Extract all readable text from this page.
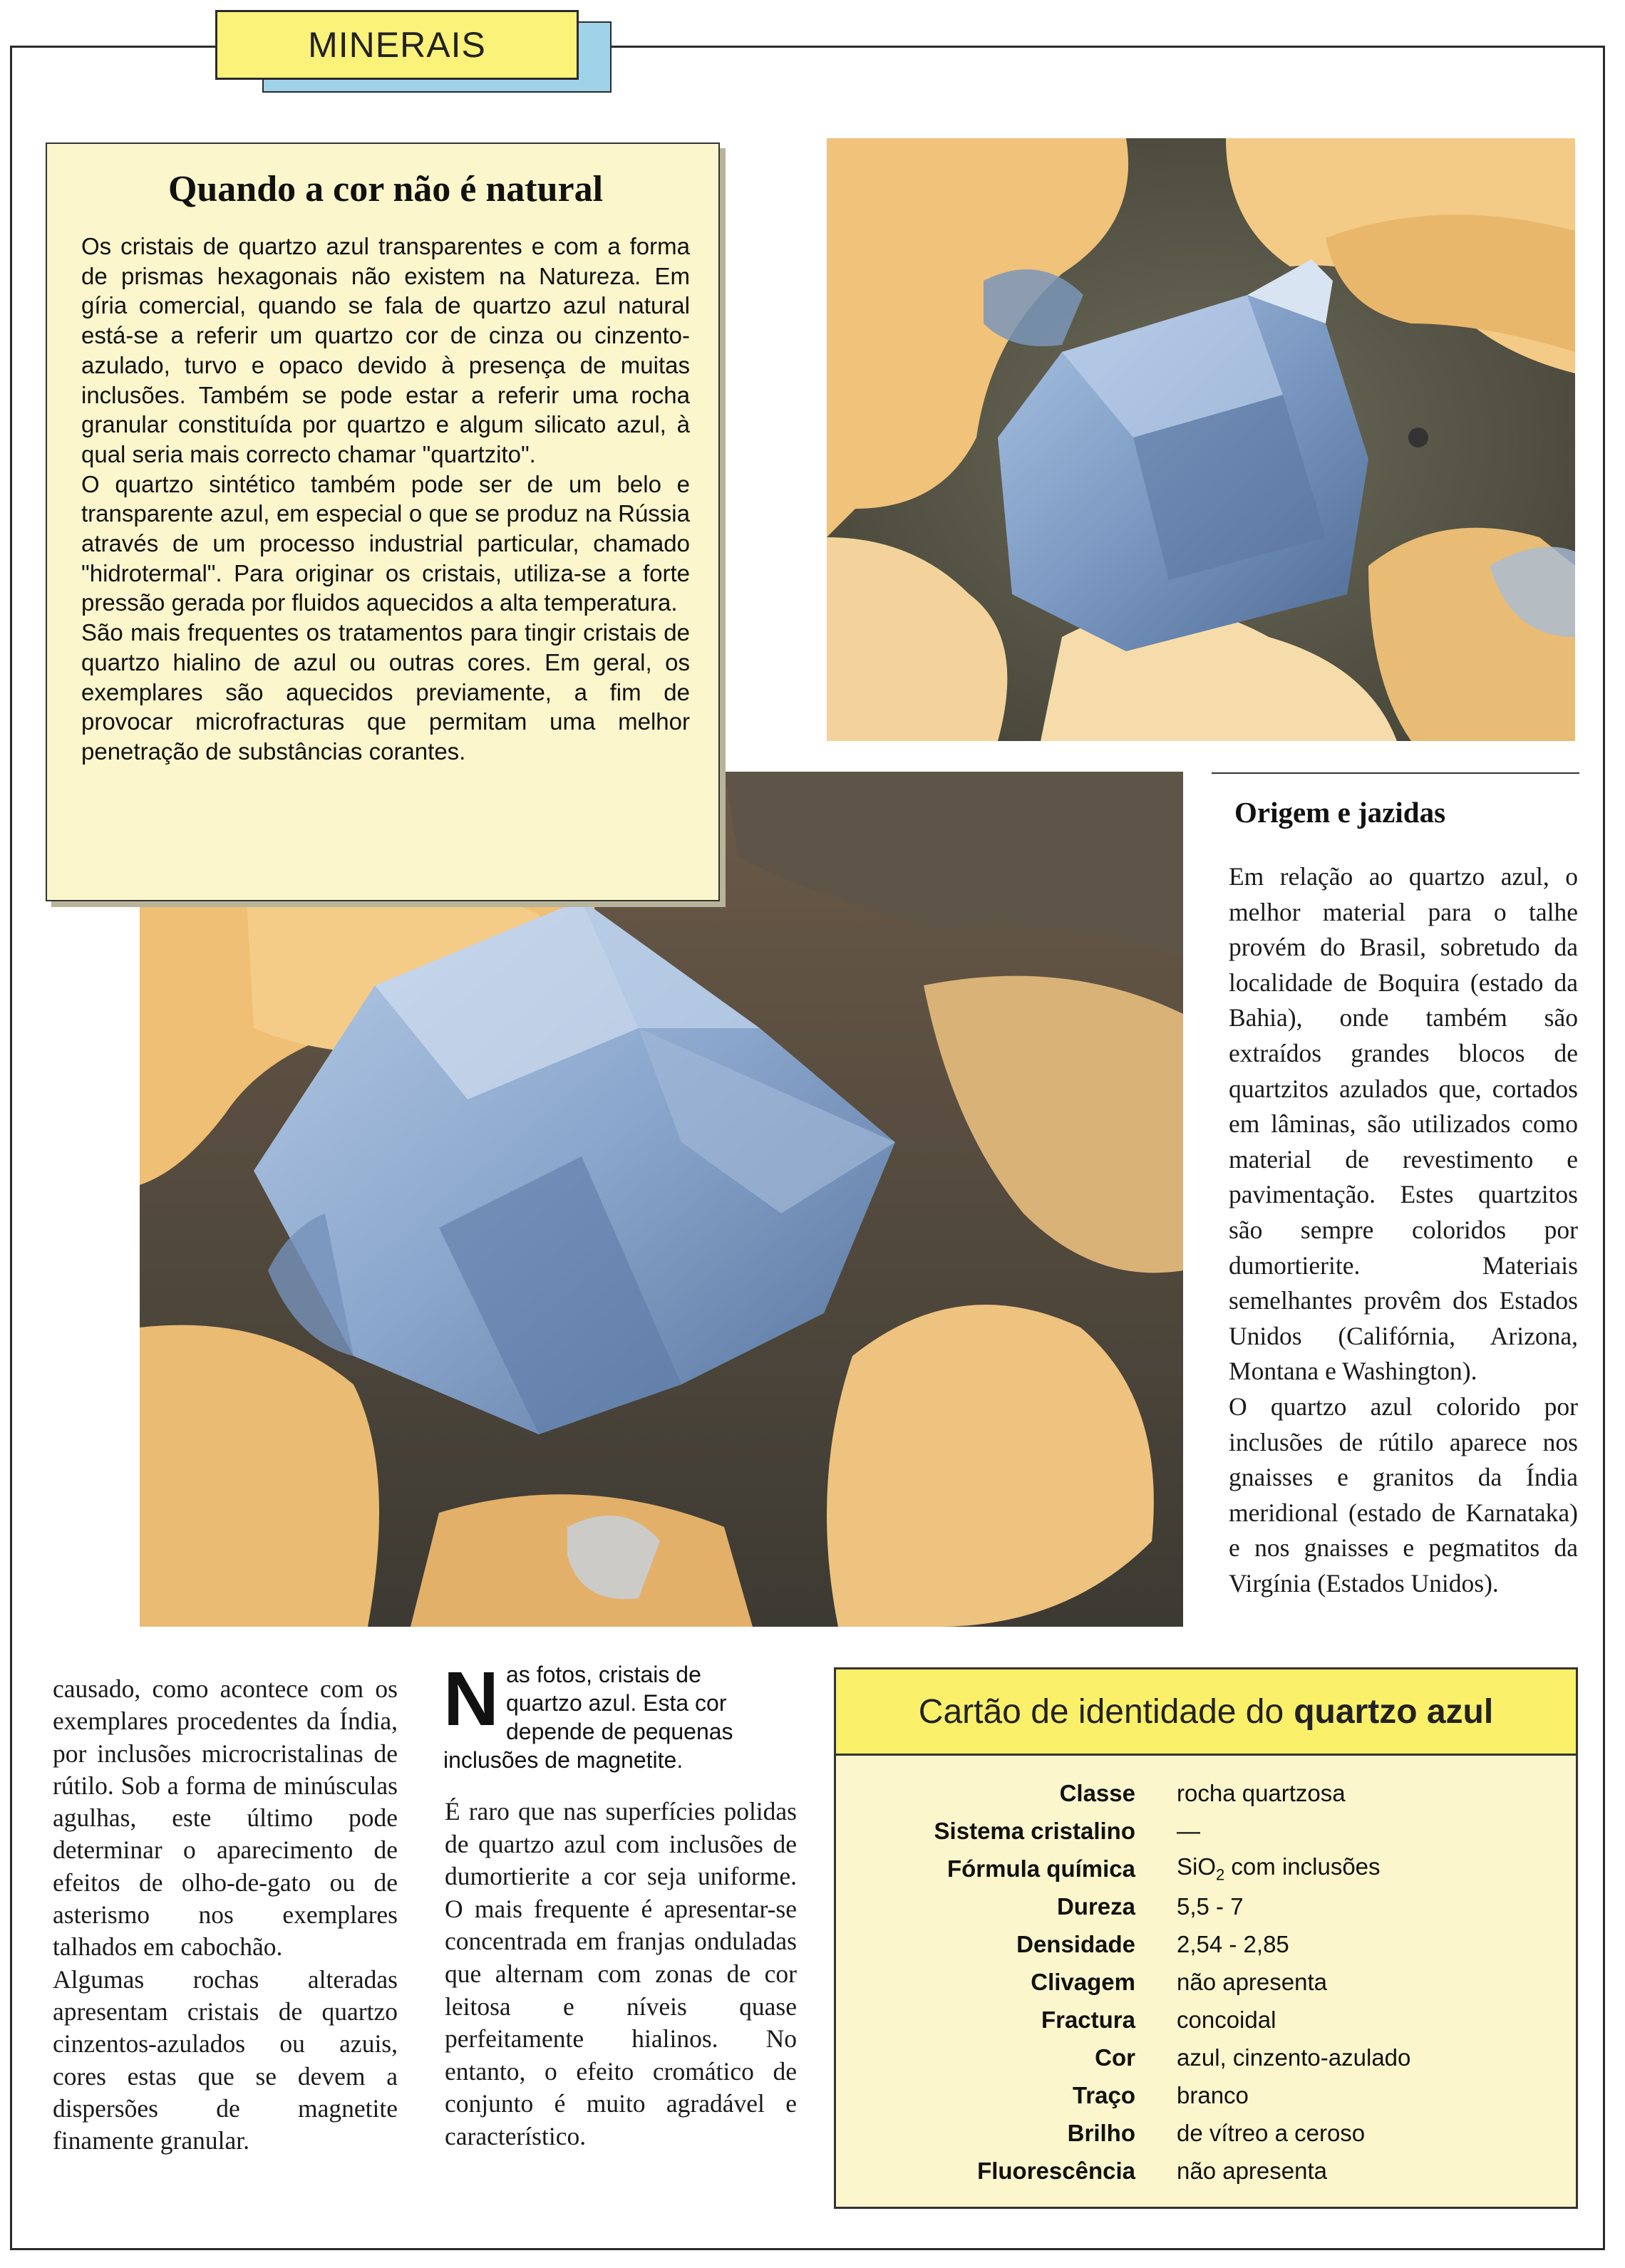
MINERAIS
Quando a cor não é natural

Os cristais de quartzo azul transparentes e com a forma de prismas hexagonais não existem na Natureza. Em gíria comercial, quando se fala de quartzo azul natural está-se a referir um quartzo cor de cinza ou cinzento-azulado, turvo e opaco devido à presença de muitas inclusões. Também se pode estar a referir uma rocha granular constituída por quartzo e algum silicato azul, à qual seria mais correcto chamar "quartzito".
O quartzo sintético também pode ser de um belo e transparente azul, em especial o que se produz na Rússia através de um processo industrial particular, chamado "hidrotermal". Para originar os cristais, utiliza-se a forte pressão gerada por fluidos aquecidos a alta temperatura.
São mais frequentes os tratamentos para tingir cristais de quartzo hialino de azul ou outras cores. Em geral, os exemplares são aquecidos previamente, a fim de provocar microfracturas que permitam uma melhor penetração de substâncias corantes.

Origem e jazidas
Em relação ao quartzo azul, o melhor material para o talhe provém do Brasil, sobretudo da localidade de Boquira (estado da Bahia), onde também são extraídos grandes blocos de quartzitos azulados que, cortados em lâminas, são utilizados como material de revestimento e pavimentação. Estes quartzitos são sempre coloridos por dumortierite. Materiais semelhantes provêm dos Estados Unidos (Califórnia, Arizona, Montana e Washington).
O quartzo azul colorido por inclusões de rútilo aparece nos gnaisses e granitos da Índia meridional (estado de Karnataka) e nos gnaisses e pegmatitos da Virgínia (Estados Unidos).
causado, como acontece com os exemplares procedentes da Índia, por inclusões microcristalinas de rútilo. Sob a forma de minúsculas agulhas, este último pode determinar o aparecimento de efeitos de olho-de-gato ou de asterismo nos exemplares talhados em cabochão.
Algumas rochas alteradas apresentam cristais de quartzo cinzentos-azulados ou azuis, cores estas que se devem a dispersões de magnetite finamente granular.
N as fotos, cristais de quartzo azul. Esta cor depende de pequenas inclusões de magnetite.
É raro que nas superfícies polidas de quartzo azul com inclusões de dumortierite a cor seja uniforme. O mais frequente é apresentar-se concentrada em franjas onduladas que alternam com zonas de cor leitosa e níveis quase perfeitamente hialinos. No entanto, o efeito cromático de conjunto é muito agradável e característico.
Cartão de identidade do quartzo azul
Classe	rocha quartzosa
Sistema cristalino	—
Fórmula química	SiO$_2$ com inclusões
Dureza	5,5 - 7
Densidade	2,54 - 2,85
Clivagem	não apresenta
Fractura	concoidal
Cor	azul, cinzento-azulado
Traço	branco
Brilho	de vítreo a ceroso
Fluorescência	não apresenta
